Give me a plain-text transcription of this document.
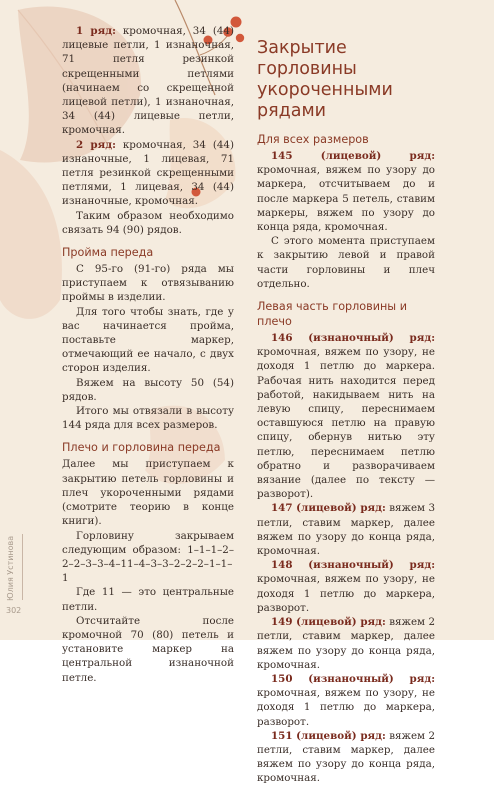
1 ряд: кромочная, 34 (44) лицевые петли, 1 изнаночная, 71 петля резинкой скрещенными петлями (начинаем со скрещенной лицевой петли), 1 изнаночная, 34 (44) лицевые петли, кромочная.

2 ряд: кромочная, 34 (44) изнаночные, 1 лицевая, 71 петля резинкой скрещенными петлями, 1 лицевая, 34 (44) изнаночные, кромочная.

Таким образом необходимо связать 94 (90) рядов.

Пройма переда

С 95-го (91-го) ряда мы приступаем к отвязыванию проймы в изделии.

Для того чтобы знать, где у вас начинается пройма, поставьте маркер, отмечающий ее начало, с двух сторон изделия.

Вяжем на высоту 50 (54) рядов.

Итого мы отвязали в высоту 144 ряда для всех размеров.

Плечо и горловина переда

Далее мы приступаем к закрытию петель горловины и плеч укороченными рядами (смотрите теорию в конце книги).

Горловину закрываем следующим образом: 1–1–1–2–2–2–3–3–4–11–4–3–3–2–2–2–1–1–1

Где 11 — это центральные петли.

Отсчитайте после кромочной 70 (80) петель и установите маркер на центральной изнаночной петле.

Закрытие горловины укороченными рядами
Для всех размеров

145 (лицевой) ряд: кромочная, вяжем по узору до маркера, отсчитываем до и после маркера 5 петель, ставим маркеры, вяжем по узору до конца ряда, кромочная.

С этого момента приступаем к закрытию левой и правой части горловины и плеч отдельно.

Левая часть горловины и плечо

146 (изнаночный) ряд: кромочная, вяжем по узору, не доходя 1 петлю до маркера. Рабочая нить находится перед работой, накидываем нить на левую спицу, переснимаем оставшуюся петлю на правую спицу, обернув нитью эту петлю, переснимаем петлю обратно и разворачиваем вязание (далее по тексту — разворот).

147 (лицевой) ряд: вяжем 3 петли, ставим маркер, далее вяжем по узору до конца ряда, кромочная.

148 (изнаночный) ряд: кромочная, вяжем по узору, не доходя 1 петлю до маркера, разворот.

149 (лицевой) ряд: вяжем 2 петли, ставим маркер, далее вяжем по узору до конца ряда, кромочная.

150 (изнаночный) ряд: кромочная, вяжем по узору, не доходя 1 петлю до маркера, разворот.

151 (лицевой) ряд: вяжем 2 петли, ставим маркер, далее вяжем по узору до конца ряда, кромочная.

Юлия Устинова
302
